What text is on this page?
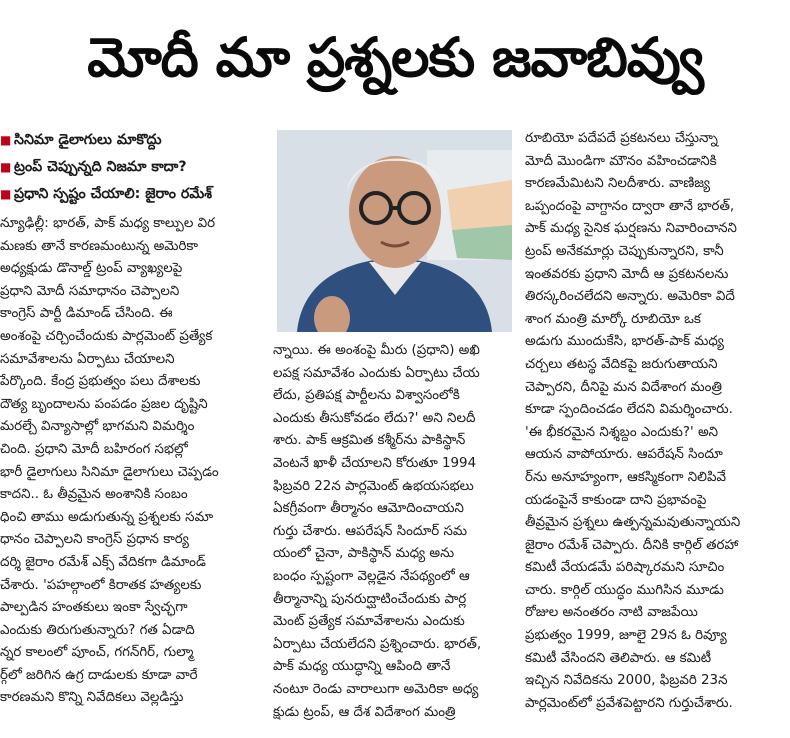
మోదీ మా ప్రశ్నలకు జవాబివ్వు
■ సినిమా డైలాగులు మాకొద్దు
■ ట్రంప్ చెప్పున్నది నిజమా కాదా?
■ ప్రధాని స్పష్టం చేయాలి: జైరాం రమేశ్
న్యూఢిల్లీ: భారత్, పాక్ మధ్య కాల్పుల విర
మణకు తానే కారణమంటున్న అమెరికా
అధ్యక్షుడు డొనాల్డ్ ట్రంప్ వ్యాఖ్యలపై
ప్రధాని మోదీ సమాధానం చెప్పాలని
కాంగ్రెస్ పార్టీ డిమాండ్ చేసింది. ఈ
అంశంపై చర్చించేందుకు పార్లమెంట్ ప్రత్యేక
సమావేశాలను ఏర్పాటు చేయాలని
పేర్కొంది. కేంద్ర ప్రభుత్వం పలు దేశాలకు
దౌత్య బృందాలను పంపడం ప్రజల దృష్టిని
మరల్చే విన్యాసాల్లో భాగమని విమర్శిం
చింది. ప్రధాని మోదీ బహిరంగ సభల్లో
భారీ డైలాగులు సినిమా డైలాగులు చెప్పడం
కాదని.. ఓ తీవ్రమైన అంశానికి సంబం
ధించి తాము అడుగుతున్న ప్రశ్నలకు సమా
ధానం చెప్పాలని కాంగ్రెస్ ప్రధాన కార్య
దర్శి జైరాం రమేశ్ ఎక్స్ వేదికగా డిమాండ్
చేశారు. 'పహల్గాంలో కిరాతక హత్యలకు
పాల్పడిన హంతకులు ఇంకా స్వేచ్ఛగా
ఎందుకు తిరుగుతున్నారు? గత ఏడాది
న్నర కాలంలో పూంచ్, గగన్‌గిర్, గుల్మా
ర్గ్‌లో జరిగిన ఉగ్ర దాడులకు కూడా వారే
కారణమని కొన్ని నివేదికలు వెల్లడిస్తు
న్నాయి. ఈ అంశంపై మీరు (ప్రధాని) అఖి
లపక్ష సమావేశం ఎందుకు ఏర్పాటు చేయ
లేదు, ప్రతిపక్ష పార్టీలను విశ్వాసంలోకి
ఎందుకు తీసుకోవడం లేదు?' అని నిలదీ
శారు. పాక్ ఆక్రమిత కశ్మీర్‌ను పాకిస్థాన్
వెంటనే ఖాళీ చేయాలని కోరుతూ 1994
ఫిబ్రవరి 22న పార్లమెంట్ ఉభయసభలు
ఏకగ్రీవంగా తీర్మానం ఆమోదించాయని
గుర్తు చేశారు. ఆపరేషన్ సిందూర్ సమ
యంలో చైనా, పాకిస్థాన్ మధ్య అను
బంధం స్పష్టంగా వెల్లడైన నేపథ్యంలో ఆ
తీర్మానాన్ని పునరుద్ఘాటించేందుకు పార్ల
మెంట్ ప్రత్యేక సమావేశాలను ఎందుకు
ఏర్పాటు చేయలేదని ప్రశ్నించారు. భారత్,
పాక్ మధ్య యుద్ధాన్ని ఆపింది తానే
నంటూ రెండు వారాలుగా అమెరికా అధ్య
క్షుడు ట్రంప్, ఆ దేశ విదేశాంగ మంత్రి
రూబియో పదేపదే ప్రకటనలు చేస్తున్నా
మోదీ మొండిగా మౌనం వహించడానికి
కారణమేమిటని నిలదీశారు. వాణిజ్య
ఒప్పందంపై వాగ్దానం ద్వారా తానే భారత్,
పాక్ మధ్య సైనిక ఘర్షణను నివారించానని
ట్రంప్ అనేకమార్లు చెప్పుకున్నారని, కానీ
ఇంతవరకు ప్రధాని మోదీ ఆ ప్రకటనలను
తిరస్కరించలేదని అన్నారు. అమెరికా విదే
శాంగ మంత్రి మార్కో రూబియో ఒక
అడుగు ముందుకేసి, భారత్-పాక్ మధ్య
చర్చలు తటస్థ వేదికపై జరుగుతాయని
చెప్పారని, దీనిపై మన విదేశాంగ మంత్రి
కూడా స్పందించడం లేదని విమర్శించారు.
'ఈ భీకరమైన నిశ్శబ్దం ఎందుకు?' అని
ఆయన వాపోయారు. ఆపరేషన్ సిందూ
ర్‌ను అనూహ్యంగా, ఆకస్మికంగా నిలిపివే
యడంపైనే కాకుండా దాని ప్రభావంపై
తీవ్రమైన ప్రశ్నలు ఉత్పన్నమవుతున్నాయని
జైరాం రమేశ్ చెప్పారు. దీనికి కార్గిల్ తరహా
కమిటీ వేయడమే పరిష్కారమని సూచిం
చారు. కార్గిల్ యుద్ధం ముగిసిన మూడు
రోజుల అనంతరం నాటి వాజపేయి
ప్రభుత్వం 1999, జూలై 29న ఓ రివ్యూ
కమిటీ వేసిందని తెలిపారు. ఆ కమిటీ
ఇచ్చిన నివేదికను 2000, ఫిబ్రవరి 23న
పార్లమెంట్‌లో ప్రవేశపెట్టారని గుర్తుచేశారు.
